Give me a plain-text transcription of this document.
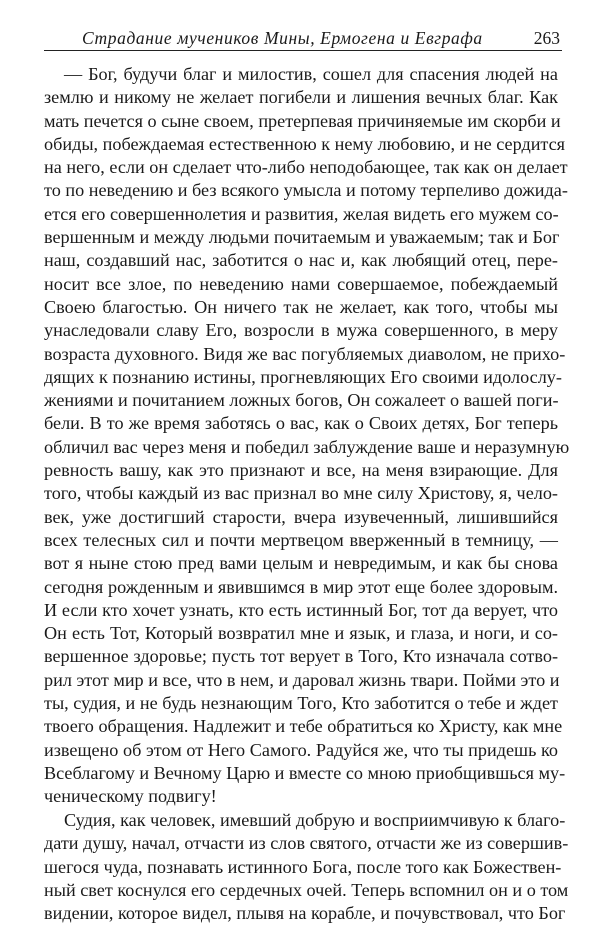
Страдание мучеников Мины, Ермогена и Евграфа	263
— Бог, будучи благ и милостив, сошел для спасения людей на
землю и никому не желает погибели и лишения вечных благ. Как
мать печется о сыне своем, претерпевая причиняемые им скорби и
обиды, побеждаемая естественною к нему любовию, и не сердится
на него, если он сделает что-либо неподобающее, так как он делает
то по неведению и без всякого умысла и потому терпеливо дожида-
ется его совершеннолетия и развития, желая видеть его мужем со-
вершенным и между людьми почитаемым и уважаемым; так и Бог
наш, создавший нас, заботится о нас и, как любящий отец, пере-
носит все злое, по неведению нами совершаемое, побеждаемый
Своею благостью. Он ничего так не желает, как того, чтобы мы
унаследовали славу Его, возросли в мужа совершенного, в меру
возраста духовного. Видя же вас погубляемых диаволом, не прихо-
дящих к познанию истины, прогневляющих Его своими идолослу-
жениями и почитанием ложных богов, Он сожалеет о вашей поги-
бели. В то же время заботясь о вас, как о Своих детях, Бог теперь
обличил вас через меня и победил заблуждение ваше и неразумную
ревность вашу, как это признают и все, на меня взирающие. Для
того, чтобы каждый из вас признал во мне силу Христову, я, чело-
век, уже достигший старости, вчера изувеченный, лишившийся
всех телесных сил и почти мертвецом вверженный в темницу, —
вот я ныне стою пред вами целым и невредимым, и как бы снова
сегодня рожденным и явившимся в мир этот еще более здоровым.
И если кто хочет узнать, кто есть истинный Бог, тот да верует, что
Он есть Тот, Который возвратил мне и язык, и глаза, и ноги, и со-
вершенное здоровье; пусть тот верует в Того, Кто изначала сотво-
рил этот мир и все, что в нем, и даровал жизнь твари. Пойми это и
ты, судия, и не будь незнающим Того, Кто заботится о тебе и ждет
твоего обращения. Надлежит и тебе обратиться ко Христу, как мне
извещено об этом от Него Самого. Радуйся же, что ты придешь ко
Всеблагому и Вечному Царю и вместе со мною приобщившься му-
ченическому подвигу!
Судия, как человек, имевший добрую и восприимчивую к благо-
дати душу, начал, отчасти из слов святого, отчасти же из совершив-
шегося чуда, познавать истинного Бога, после того как Божествен-
ный свет коснулся его сердечных очей. Теперь вспомнил он и о том
видении, которое видел, плывя на корабле, и почувствовал, что Бог
